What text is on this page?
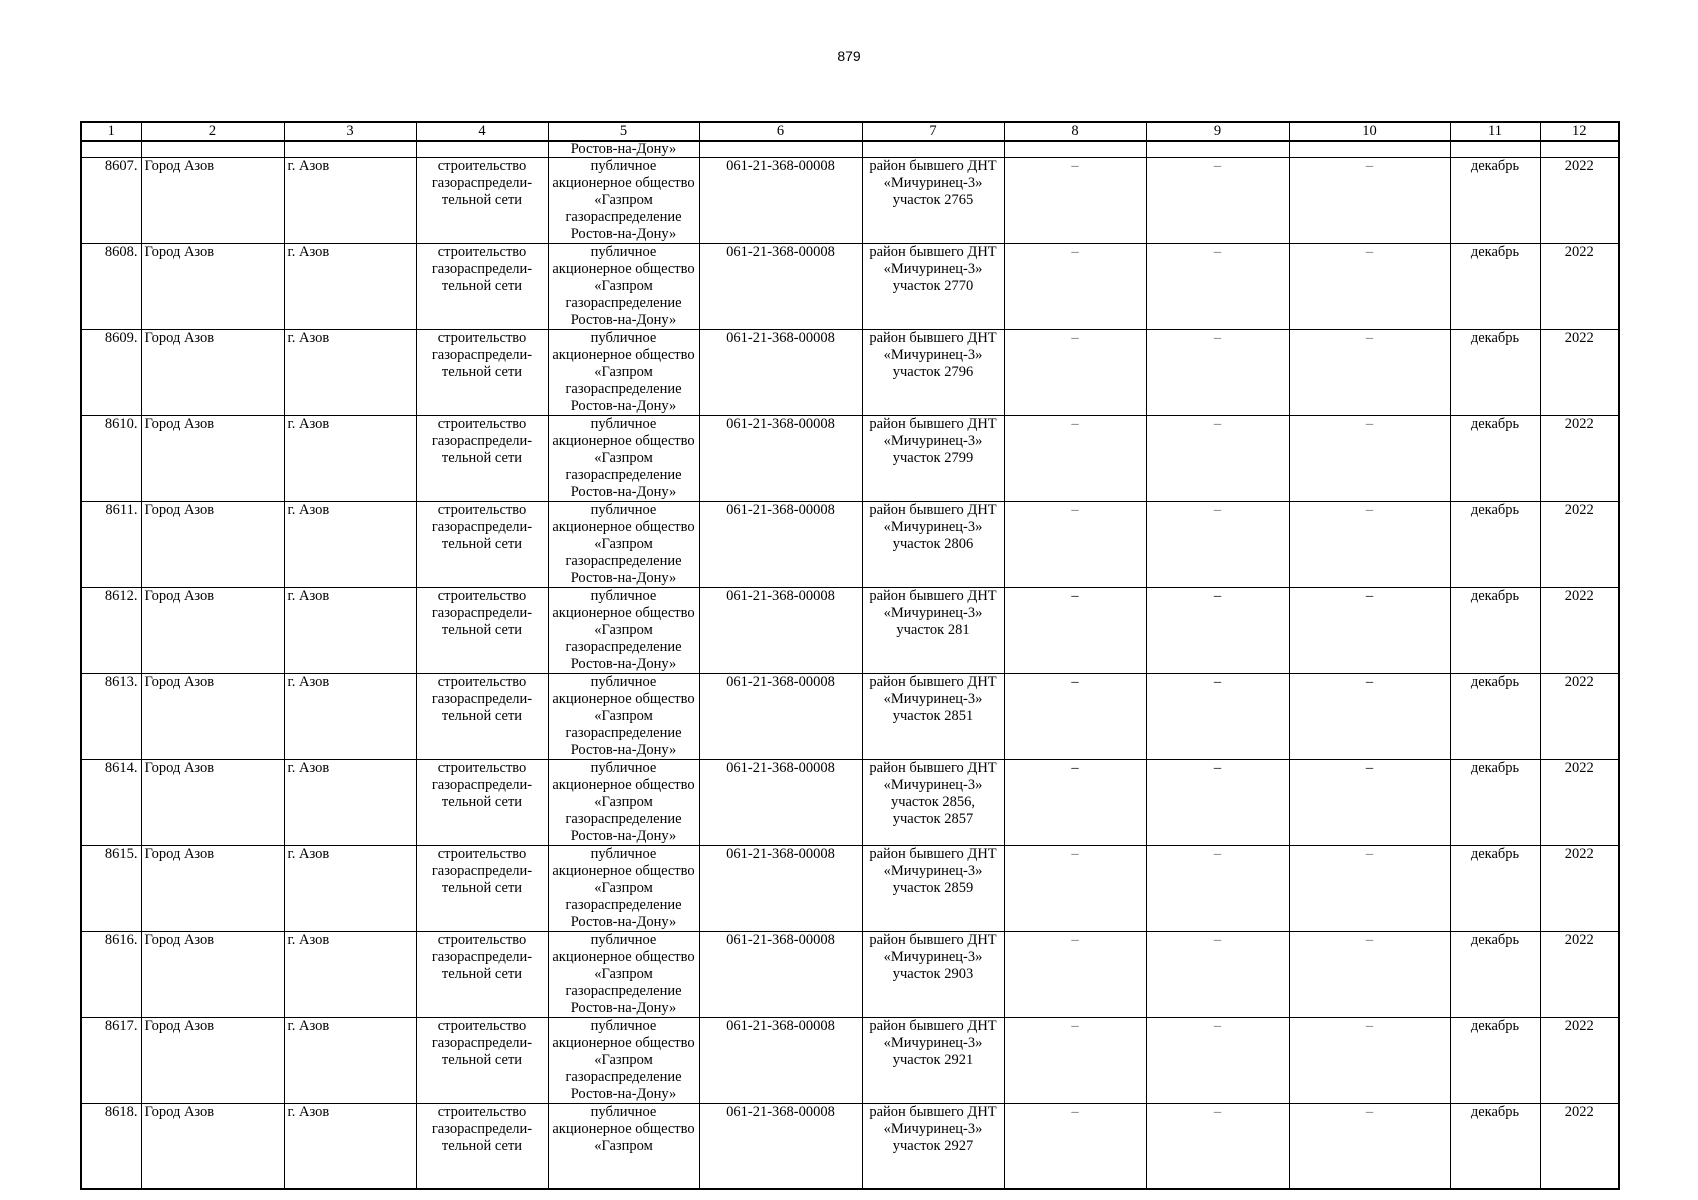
879
1	2	3	4	5	6	7	8	9	10	11	12
				Ростов-на-Дону»							
8607.	Город Азов	г. Азов	строительство газораспредели-тельной сети	публичное акционерное общество «Газпром газораспределение Ростов-на-Дону»	061-21-368-00008	район бывшего ДНТ «Мичуринец-3» участок 2765	–	–	–	декабрь	2022
8608.	Город Азов	г. Азов	строительство газораспредели-тельной сети	публичное акционерное общество «Газпром газораспределение Ростов-на-Дону»	061-21-368-00008	район бывшего ДНТ «Мичуринец-3» участок 2770	–	–	–	декабрь	2022
8609.	Город Азов	г. Азов	строительство газораспредели-тельной сети	публичное акционерное общество «Газпром газораспределение Ростов-на-Дону»	061-21-368-00008	район бывшего ДНТ «Мичуринец-3» участок 2796	–	–	–	декабрь	2022
8610.	Город Азов	г. Азов	строительство газораспредели-тельной сети	публичное акционерное общество «Газпром газораспределение Ростов-на-Дону»	061-21-368-00008	район бывшего ДНТ «Мичуринец-3» участок 2799	–	–	–	декабрь	2022
8611.	Город Азов	г. Азов	строительство газораспредели-тельной сети	публичное акционерное общество «Газпром газораспределение Ростов-на-Дону»	061-21-368-00008	район бывшего ДНТ «Мичуринец-3» участок 2806	–	–	–	декабрь	2022
8612.	Город Азов	г. Азов	строительство газораспредели-тельной сети	публичное акционерное общество «Газпром газораспределение Ростов-на-Дону»	061-21-368-00008	район бывшего ДНТ «Мичуринец-3» участок 281	–	–	–	декабрь	2022
8613.	Город Азов	г. Азов	строительство газораспредели-тельной сети	публичное акционерное общество «Газпром газораспределение Ростов-на-Дону»	061-21-368-00008	район бывшего ДНТ «Мичуринец-3» участок 2851	–	–	–	декабрь	2022
8614.	Город Азов	г. Азов	строительство газораспредели-тельной сети	публичное акционерное общество «Газпром газораспределение Ростов-на-Дону»	061-21-368-00008	район бывшего ДНТ «Мичуринец-3» участок 2856, участок 2857	–	–	–	декабрь	2022
8615.	Город Азов	г. Азов	строительство газораспредели-тельной сети	публичное акционерное общество «Газпром газораспределение Ростов-на-Дону»	061-21-368-00008	район бывшего ДНТ «Мичуринец-3» участок 2859	–	–	–	декабрь	2022
8616.	Город Азов	г. Азов	строительство газораспредели-тельной сети	публичное акционерное общество «Газпром газораспределение Ростов-на-Дону»	061-21-368-00008	район бывшего ДНТ «Мичуринец-3» участок 2903	–	–	–	декабрь	2022
8617.	Город Азов	г. Азов	строительство газораспредели-тельной сети	публичное акционерное общество «Газпром газораспределение Ростов-на-Дону»	061-21-368-00008	район бывшего ДНТ «Мичуринец-3» участок 2921	–	–	–	декабрь	2022
8618.	Город Азов	г. Азов	строительство газораспредели-тельной сети	публичное акционерное общество «Газпром	061-21-368-00008	район бывшего ДНТ «Мичуринец-3» участок 2927	–	–	–	декабрь	2022
